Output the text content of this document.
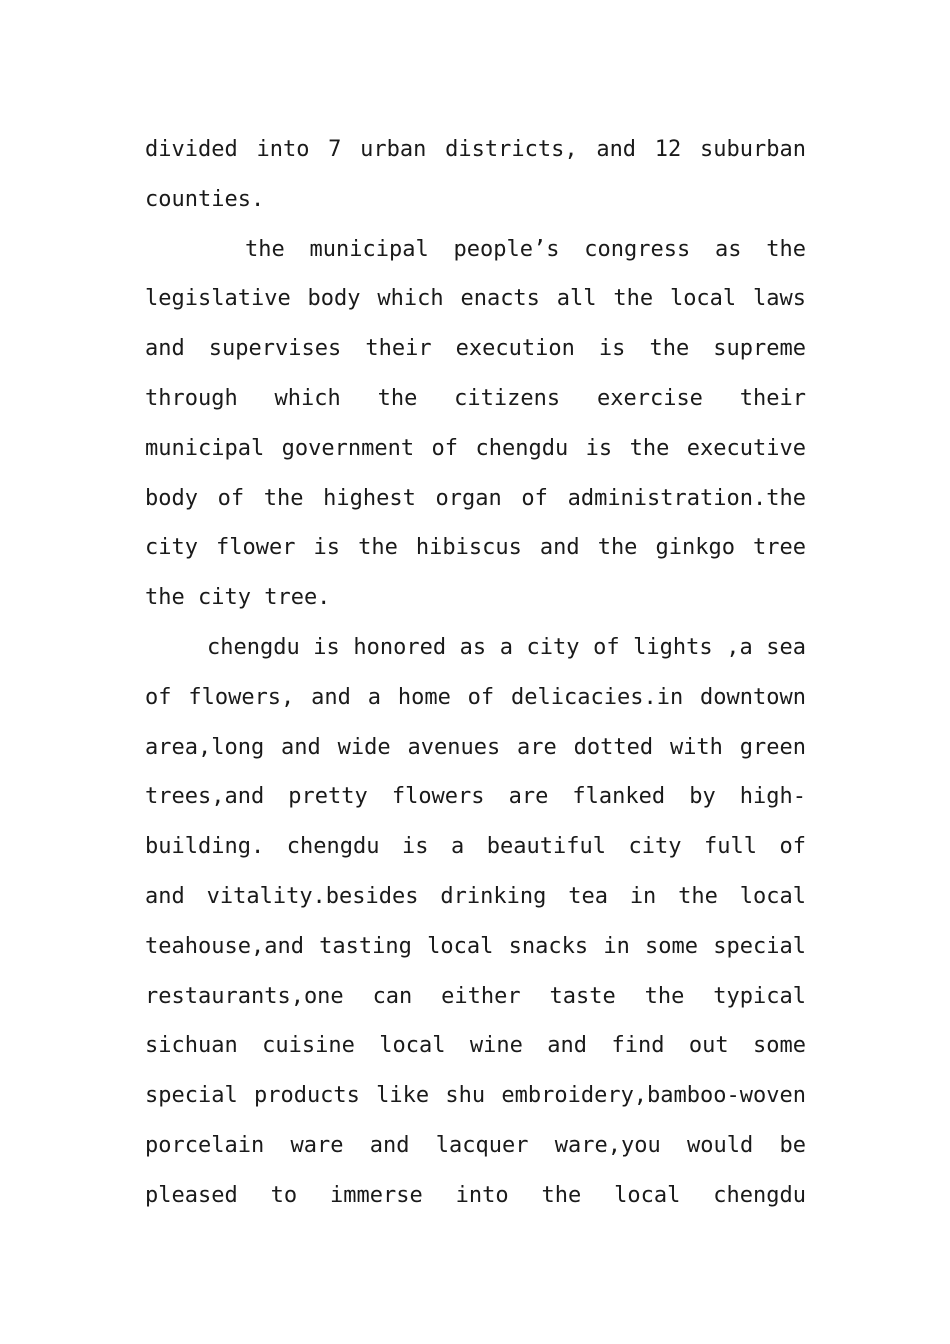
divided into 7 urban districts, and 12 suburban
counties.
the municipal people’s congress as the
legislative body which enacts all the local laws
and supervises their execution is the supreme
through which the citizens exercise their
municipal government of chengdu is the executive
body of the highest organ of administration.the
city flower is the hibiscus and the ginkgo tree
the city tree.
chengdu is honored as a city of lights ,a sea
of flowers, and a home of delicacies.in downtown
area,long and wide avenues are dotted with green
trees,and pretty flowers are flanked by high-
building. chengdu is a beautiful city full of
and vitality.besides drinking tea in the local
teahouse,and tasting local snacks in some special
restaurants,one can either taste the typical
sichuan cuisine local wine and find out some
special products like shu embroidery,bamboo-woven
porcelain ware and lacquer ware,you would be
pleased to immerse into the local chengdu
